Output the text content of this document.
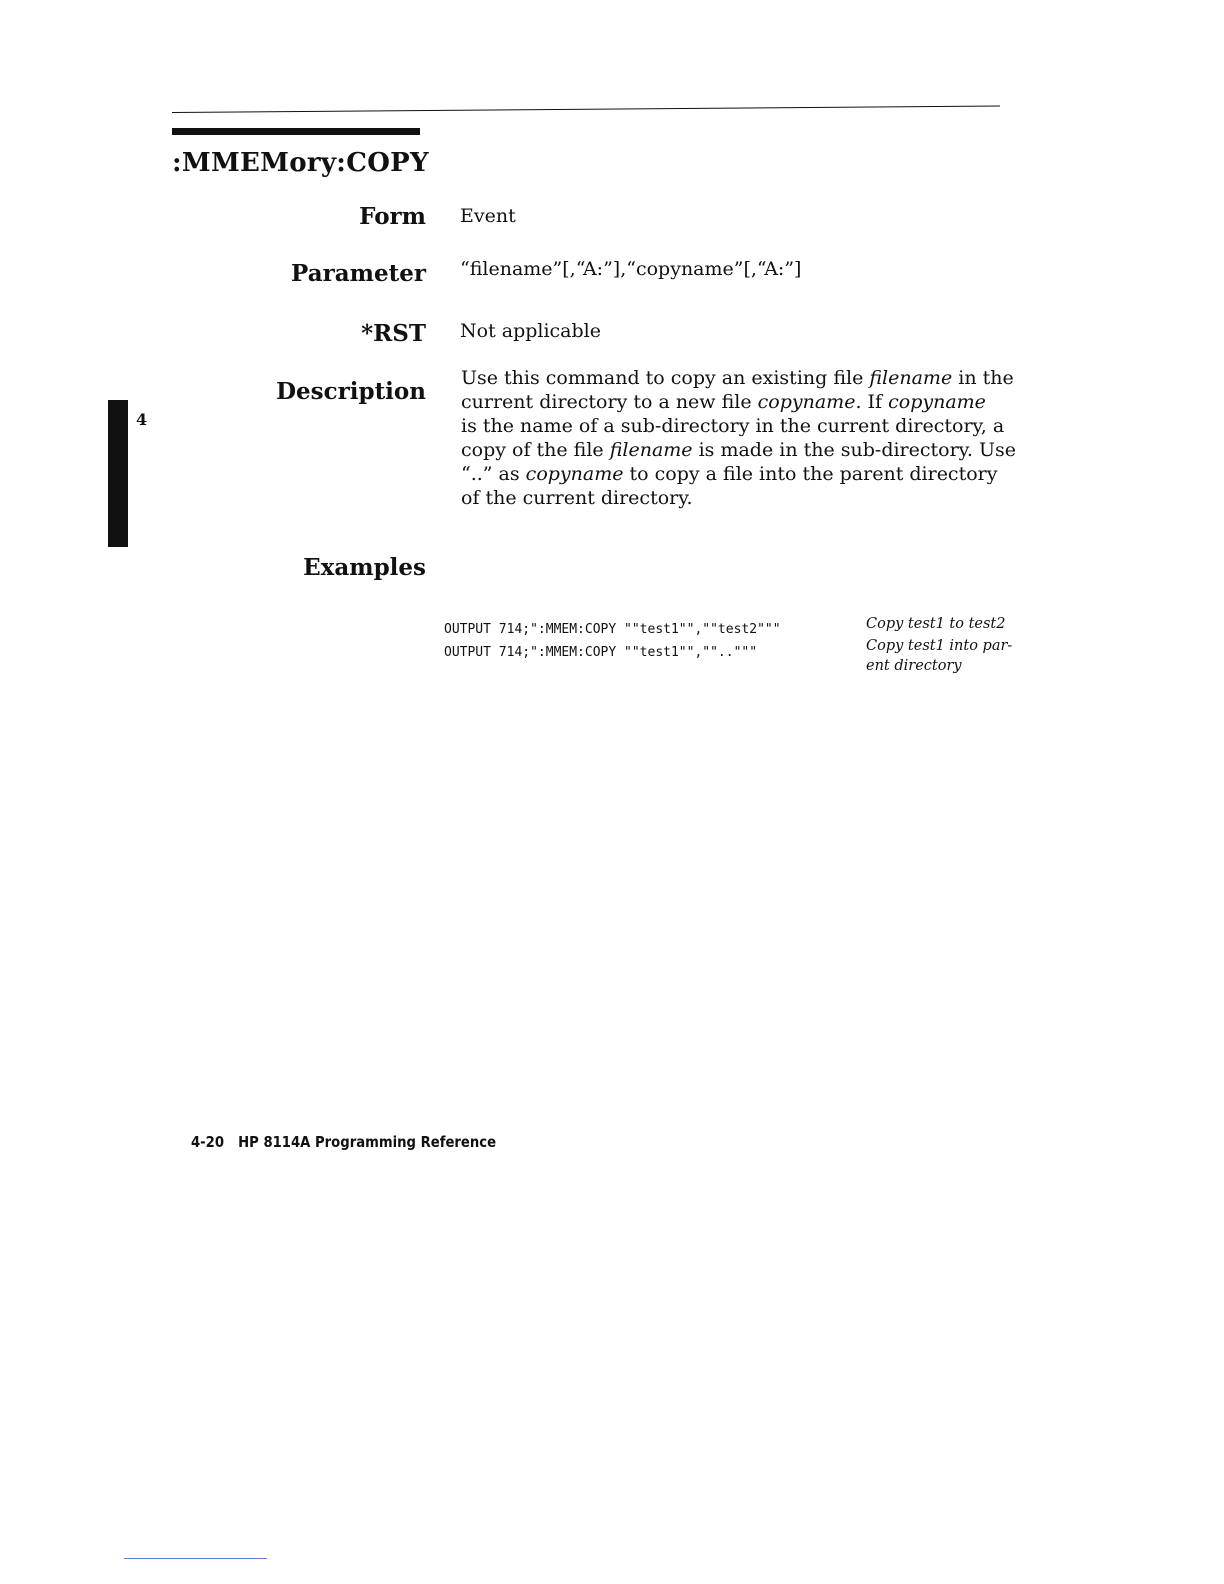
:MMEMory:COPY
Form Event
Parameter “filename”[,“A:”],“copyname”[,“A:”]
*RST Not applicable
Description Use this command to copy an existing file filename in the
current directory to a new file copyname. If copyname
is the name of a sub-directory in the current directory, a
copy of the file filename is made in the sub-directory. Use
“..” as copyname to copy a file into the parent directory
of the current directory.
4
Examples
OUTPUT 714;":MMEM:COPY ""test1"",""test2"""	Copy test1 to test2
OUTPUT 714;":MMEM:COPY ""test1"","".."""	Copy test1 into par-
ent directory
4-20 HP 8114A Programming Reference
